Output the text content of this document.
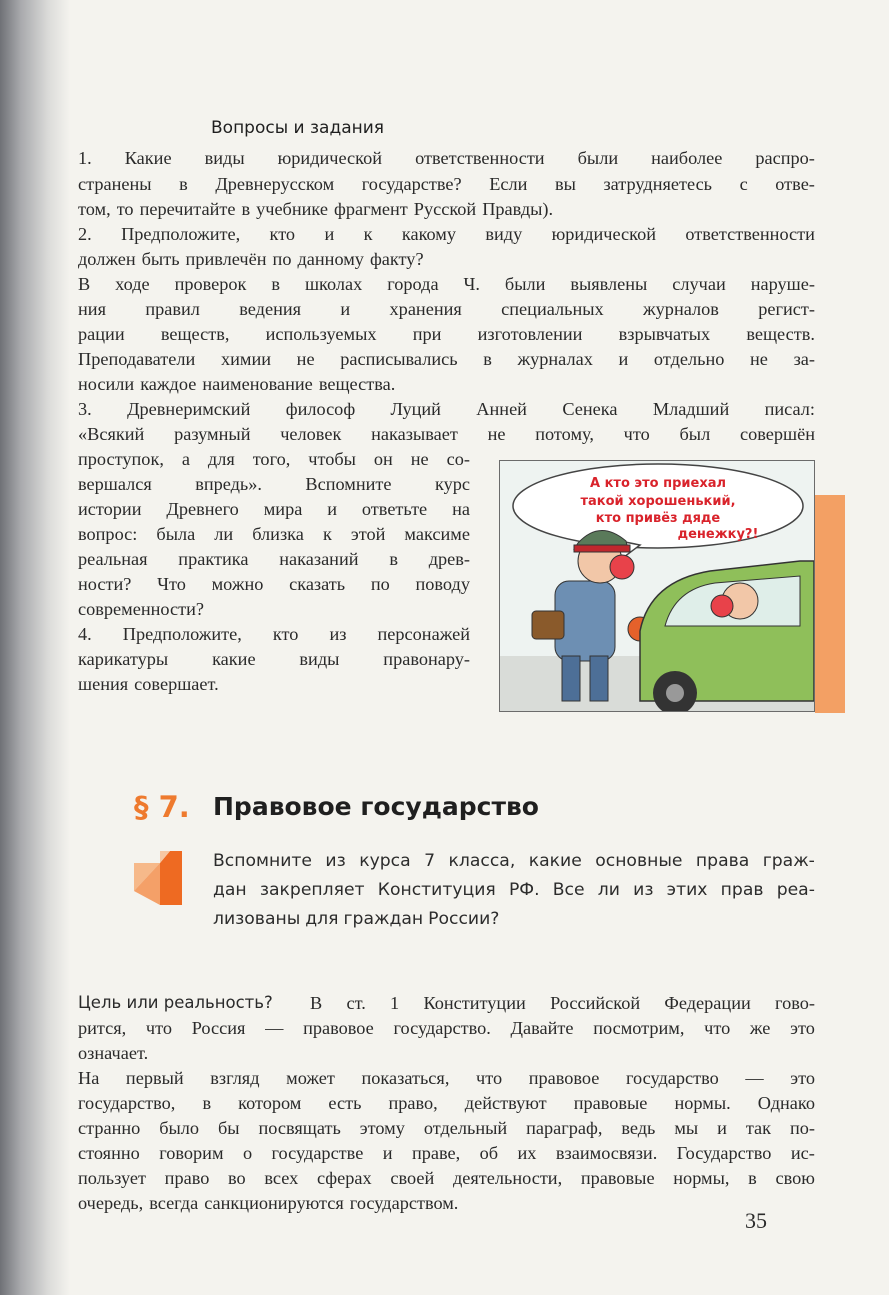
Вопросы и задания
1. Какие виды юридической ответственности были наиболее распро-
странены в Древнерусском государстве? Если вы затрудняетесь с отве-
том, то перечитайте в учебнике фрагмент Русской Правды).
2. Предположите, кто и к какому виду юридической ответственности
должен быть привлечён по данному факту?
В ходе проверок в школах города Ч. были выявлены случаи наруше-
ния правил ведения и хранения специальных журналов регист-
рации веществ, используемых при изготовлении взрывчатых веществ.
Преподаватели химии не расписывались в журналах и отдельно не за-
носили каждое наименование вещества.
3. Древнеримский философ Луций Анней Сенека Младший писал:
«Всякий разумный человек наказывает не потому, что был совершён
проступок, а для того, чтобы он не со-
вершался впредь». Вспомните курс
истории Древнего мира и ответьте на
вопрос: была ли близка к этой максиме
реальная практика наказаний в древ-
ности? Что можно сказать по поводу
современности?
4. Предположите, кто из персонажей
карикатуры какие виды правонару-
шения совершает.
А кто это приехал
такой хорошенький,
кто привёз дяде
денежку?!
§ 7. Правовое государство
Вспомните из курса 7 класса, какие основные права граж-
дан закрепляет Конституция РФ. Все ли из этих прав реа-
лизованы для граждан России?
В ст. 1 Конституции Российской Федерации гово-
рится, что Россия — правовое государство. Давайте посмотрим, что же это
означает.
На первый взгляд может показаться, что правовое государство — это
государство, в котором есть право, действуют правовые нормы. Однако
странно было бы посвящать этому отдельный параграф, ведь мы и так по-
стоянно говорим о государстве и праве, об их взаимосвязи. Государство ис-
пользует право во всех сферах своей деятельности, правовые нормы, в свою
очередь, всегда санкционируются государством.
Цель или реальность?
35
